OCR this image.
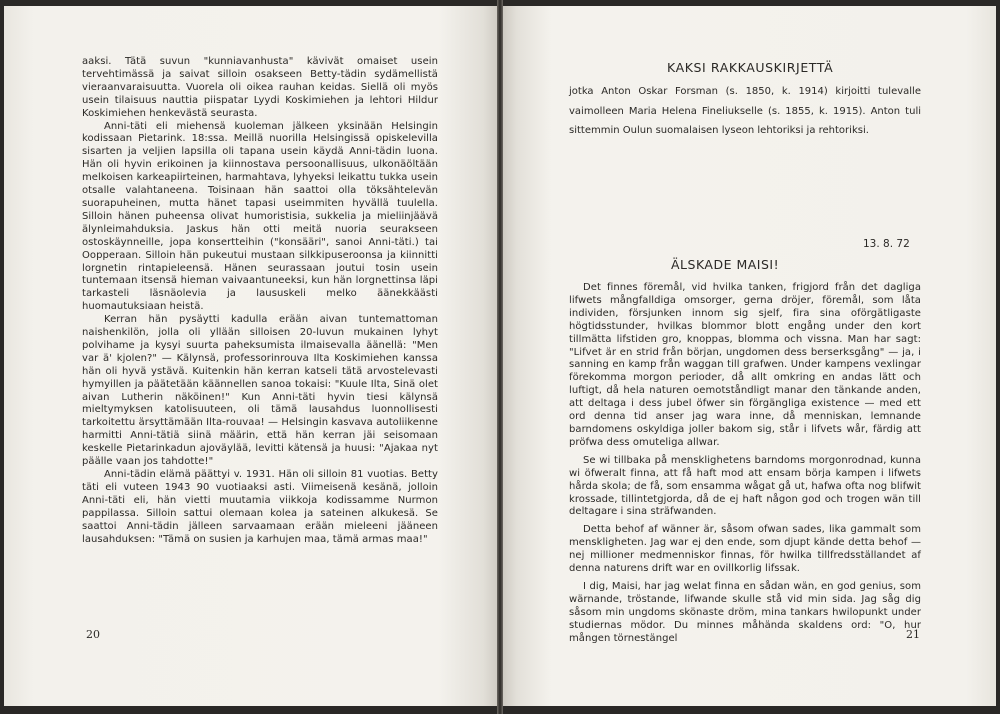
aaksi. Tätä suvun "kunniavanhusta" kävivät omaiset usein tervehtimässä ja saivat silloin osakseen Betty-tädin sydämellistä vieraanvaraisuutta. Vuorela oli oikea rauhan keidas. Siellä oli myös usein tilaisuus nauttia piispatar Lyydi Koskimiehen ja lehtori Hildur Koskimiehen henkevästä seurasta.

Anni-täti eli miehensä kuoleman jälkeen yksinään Helsingin kodissaan Pietarink. 18:ssa. Meillä nuorilla Helsingissä opiskelevilla sisarten ja veljien lapsilla oli tapana usein käydä Anni-tädin luona. Hän oli hyvin erikoinen ja kiinnostava persoonallisuus, ulkonäöltään melkoisen karkeapiirteinen, harmahtava, lyhyeksi leikattu tukka usein otsalle valahtaneena. Toisinaan hän saattoi olla töksähtelevän suorapuheinen, mutta hänet tapasi useimmiten hyvällä tuulella. Silloin hänen puheensa olivat humoristisia, sukkelia ja mieliinjäävä älynleimahduksia. Jaskus hän otti meitä nuoria seurakseen ostoskäynneille, jopa konsertteihin ("konsääri", sanoi Anni-täti.) tai Oopperaan. Silloin hän pukeutui mustaan silkkipuseroonsa ja kiinnitti lorgnetin rintapieleensä. Hänen seurassaan joutui tosin usein tuntemaan itsensä hieman vaivaantuneeksi, kun hän lorgnettinsa läpi tarkasteli läsnäolevia ja laususkeli melko äänekkäästi huomautuksiaan heistä.

Kerran hän pysäytti kadulla erään aivan tuntemattoman naishenkilön, jolla oli yllään silloisen 20-luvun mukainen lyhyt polvihame ja kysyi suurta paheksumista ilmaisevalla äänellä: "Men var ä' kjolen?" — Kälynsä, professorinrouva Ilta Koskimiehen kanssa hän oli hyvä ystävä. Kuitenkin hän kerran katseli tätä arvostelevasti hymyillen ja päätetään käännellen sanoa tokaisi: "Kuule Ilta, Sinä olet aivan Lutherin näköinen!" Kun Anni-täti hyvin tiesi kälynsä mieltymyksen katolisuuteen, oli tämä lausahdus luonnollisesti tarkoitettu ärsyttämään Ilta-rouvaa! — Helsingin kasvava autoliikenne harmitti Anni-tätiä siinä määrin, että hän kerran jäi seisomaan keskelle Pietarinkadun ajoväylää, levitti kätensä ja huusi: "Ajakaa nyt päälle vaan jos tahdotte!"

Anni-tädin elämä päättyi v. 1931. Hän oli silloin 81 vuotias. Betty täti eli vuteen 1943 90 vuotiaaksi asti. Viimeisenä kesänä, jolloin Anni-täti eli, hän vietti muutamia viikkoja kodissamme Nurmon pappilassa. Silloin sattui olemaan kolea ja sateinen alkukesä. Se saattoi Anni-tädin jälleen sarvaamaan erään mieleeni jääneen lausahduksen: "Tämä on susien ja karhujen maa, tämä armas maa!"

20
KAKSI RAKKAUSKIRJETTÄ
jotka Anton Oskar Forsman (s. 1850, k. 1914) kirjoitti tulevalle vaimolleen Maria Helena Fineliukselle (s. 1855, k. 1915). Anton tuli sittemmin Oulun suomalaisen lyseon lehtoriksi ja rehtoriksi.
13. 8. 72
ÄLSKADE MAISI!

Det finnes föremål, vid hvilka tanken, frigjord från det dagliga lifwets mångfalldiga omsorger, gerna dröjer, föremål, som låta individen, försjunken innom sig sjelf, fira sina oförgätligaste högtidsstunder, hvilkas blommor blott engång under den kort tillmätta lifstiden gro, knoppas, blomma och vissna. Man har sagt: "Lifvet är en strid från början, ungdomen dess berserksgång" — ja, i sanning en kamp från waggan till grafwen. Under kampens vexlingar förekomma morgon perioder, då allt omkring en andas lätt och luftigt, då hela naturen oemotståndligt manar den tänkande anden, att deltaga i dess jubel öfwer sin förgängliga existence — med ett ord denna tid anser jag wara inne, då menniskan, lemnande barndomens oskyldiga joller bakom sig, står i lifvets wår, färdig att pröfwa dess omuteliga allwar.

Se wi tillbaka på mensklighetens barndoms morgonrodnad, kunna wi öfweralt finna, att få haft mod att ensam börja kampen i lifwets hårda skola; de få, som ensamma wågat gå ut, hafwa ofta nog blifwit krossade, tillintetgjorda, då de ej haft någon god och trogen wän till deltagare i sina sträfwanden.

Detta behof af wänner är, såsom ofwan sades, lika gammalt som menskligheten. Jag war ej den ende, som djupt kände detta behof — nej millioner medmenniskor finnas, för hwilka tillfredsställandet af denna naturens drift war en ovillkorlig lifssak.

I dig, Maisi, har jag welat finna en sådan wän, en god genius, som wärnande, tröstande, lifwande skulle stå vid min sida. Jag såg dig såsom min ungdoms skönaste dröm, mina tankars hwilopunkt under studiernas mödor. Du minnes måhända skaldens ord: "O, hur mången törnestängel	21
